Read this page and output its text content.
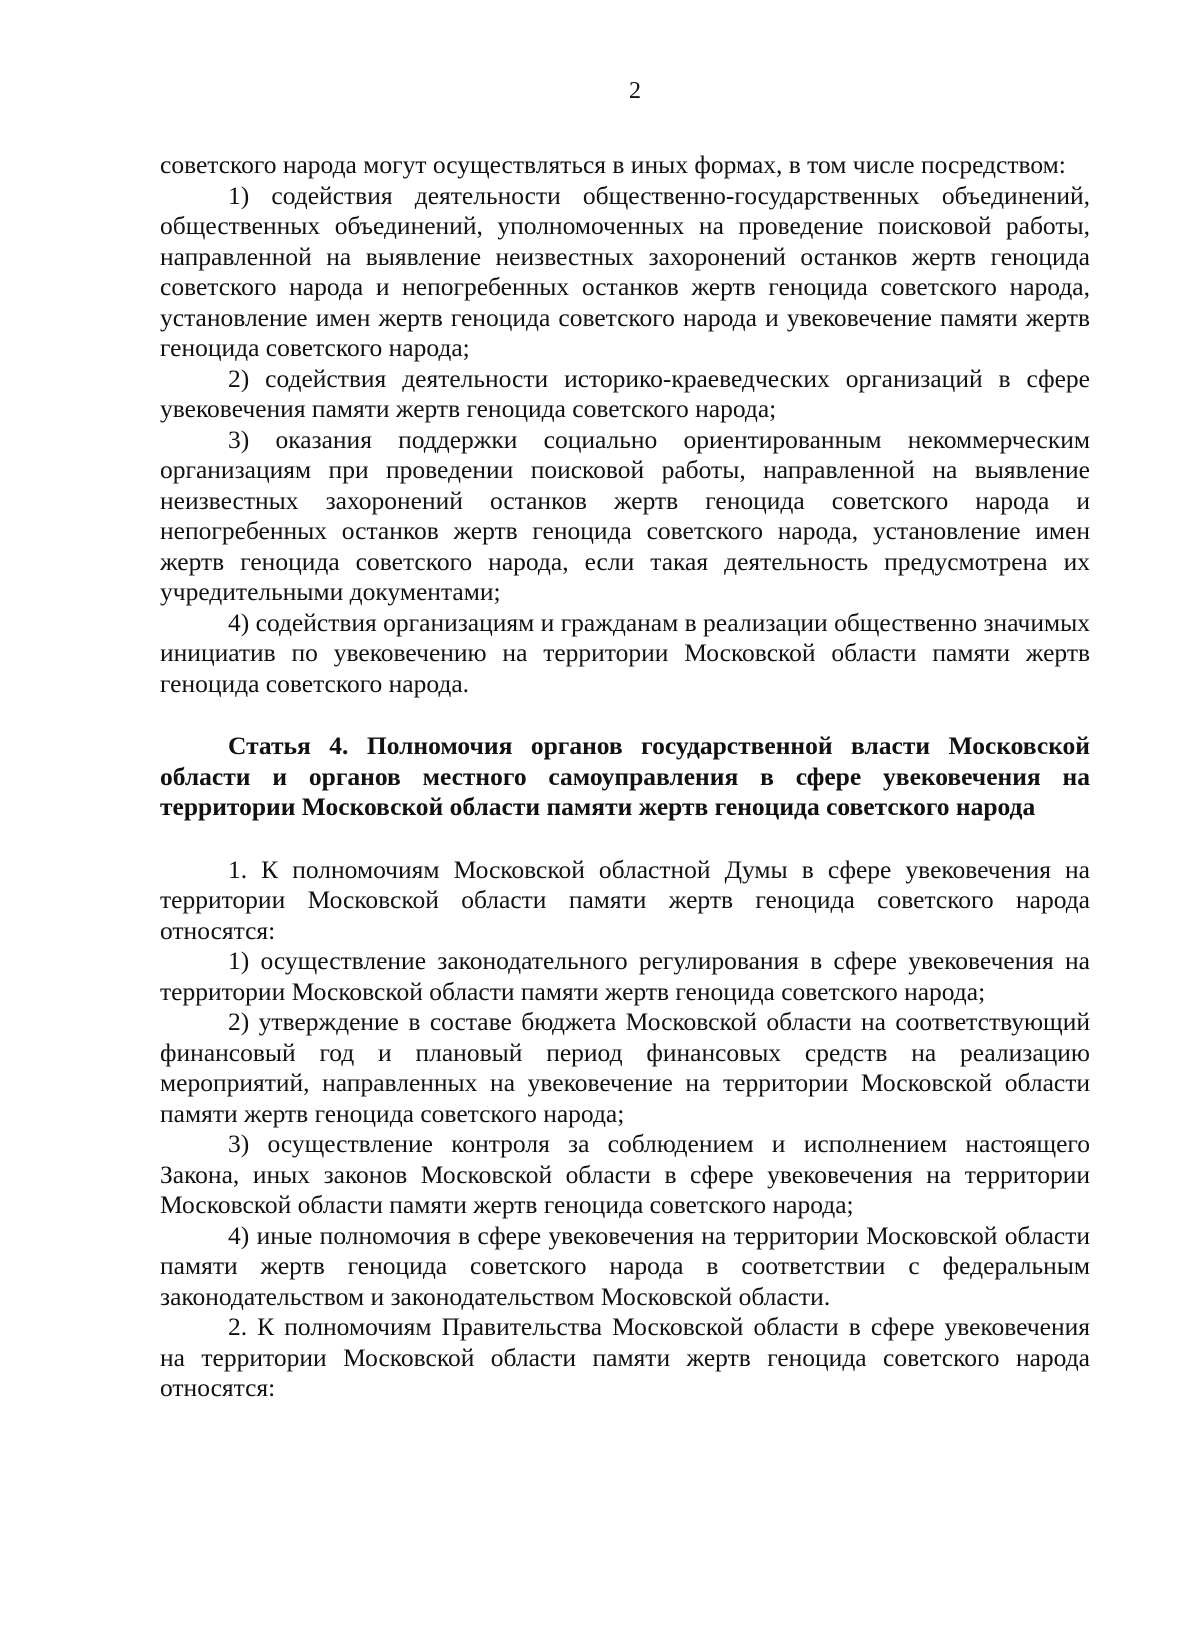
2

советского народа могут осуществляться в иных формах, в том числе посредством:

1) содействия деятельности общественно-государственных объединений, общественных объединений, уполномоченных на проведение поисковой работы, направленной на выявление неизвестных захоронений останков жертв геноцида советского народа и непогребенных останков жертв геноцида советского народа, установление имен жертв геноцида советского народа и увековечение памяти жертв геноцида советского народа;

2) содействия деятельности историко-краеведческих организаций в сфере увековечения памяти жертв геноцида советского народа;

3) оказания поддержки социально ориентированным некоммерческим организациям при проведении поисковой работы, направленной на выявление неизвестных захоронений останков жертв геноцида советского народа и непогребенных останков жертв геноцида советского народа, установление имен жертв геноцида советского народа, если такая деятельность предусмотрена их учредительными документами;

4) содействия организациям и гражданам в реализации общественно значимых инициатив по увековечению на территории Московской области памяти жертв геноцида советского народа.

Статья 4. Полномочия органов государственной власти Московской области и органов местного самоуправления в сфере увековечения на территории Московской области памяти жертв геноцида советского народа

1. К полномочиям Московской областной Думы в сфере увековечения на территории Московской области памяти жертв геноцида советского народа относятся:

1) осуществление законодательного регулирования в сфере увековечения на территории Московской области памяти жертв геноцида советского народа;

2) утверждение в составе бюджета Московской области на соответствующий финансовый год и плановый период финансовых средств на реализацию мероприятий, направленных на увековечение на территории Московской области памяти жертв геноцида советского народа;

3) осуществление контроля за соблюдением и исполнением настоящего Закона, иных законов Московской области в сфере увековечения на территории Московской области памяти жертв геноцида советского народа;

4) иные полномочия в сфере увековечения на территории Московской области памяти жертв геноцида советского народа в соответствии с федеральным законодательством и законодательством Московской области.

2. К полномочиям Правительства Московской области в сфере увековечения на территории Московской области памяти жертв геноцида советского народа относятся:
